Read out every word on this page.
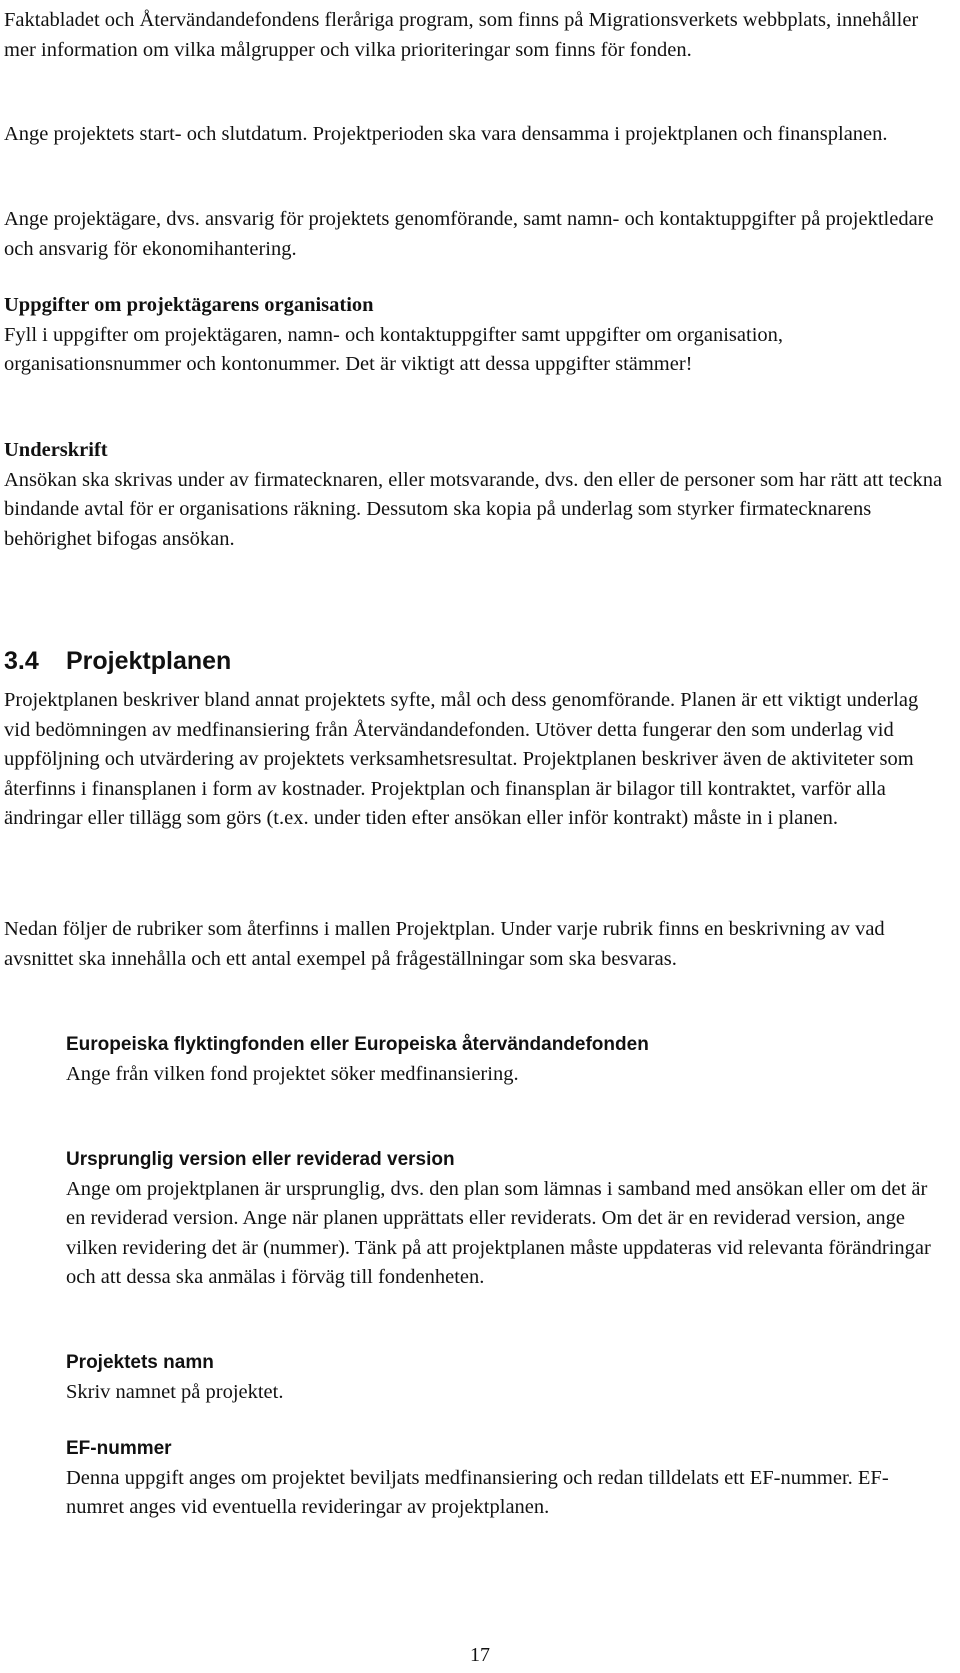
Faktabladet och Återvändandefondens fleråriga program, som finns på Migrationsverkets webbplats, innehåller mer information om vilka målgrupper och vilka prioriteringar som finns för fonden.

Ange projektets start- och slutdatum. Projektperioden ska vara densamma i projektplanen och finansplanen.

Ange projektägare, dvs. ansvarig för projektets genomförande, samt namn- och kontaktuppgifter på projektledare och ansvarig för ekonomihantering.

Uppgifter om projektägarens organisation

Fyll i uppgifter om projektägaren, namn- och kontaktuppgifter samt uppgifter om organisation, organisationsnummer och kontonummer. Det är viktigt att dessa uppgifter stämmer!

Underskrift

Ansökan ska skrivas under av firmatecknaren, eller motsvarande, dvs. den eller de personer som har rätt att teckna bindande avtal för er organisations räkning. Dessutom ska kopia på underlag som styrker firmatecknarens behörighet bifogas ansökan.

3.4 Projektplanen

Projektplanen beskriver bland annat projektets syfte, mål och dess genomförande. Planen är ett viktigt underlag vid bedömningen av medfinansiering från Återvändandefonden. Utöver detta fungerar den som underlag vid uppföljning och utvärdering av projektets verksamhetsresultat. Projektplanen beskriver även de aktiviteter som återfinns i finansplanen i form av kostnader. Projektplan och finansplan är bilagor till kontraktet, varför alla ändringar eller tillägg som görs (t.ex. under tiden efter ansökan eller inför kontrakt) måste in i planen.

Nedan följer de rubriker som återfinns i mallen Projektplan. Under varje rubrik finns en beskrivning av vad avsnittet ska innehålla och ett antal exempel på frågeställningar som ska besvaras.

Europeiska flyktingfonden eller Europeiska återvändandefonden

Ange från vilken fond projektet söker medfinansiering.

Ursprunglig version eller reviderad version

Ange om projektplanen är ursprunglig, dvs. den plan som lämnas i samband med ansökan eller om det är en reviderad version. Ange när planen upprättats eller reviderats. Om det är en reviderad version, ange vilken revidering det är (nummer). Tänk på att projektplanen måste uppdateras vid relevanta förändringar och att dessa ska anmälas i förväg till fondenheten.

Projektets namn

Skriv namnet på projektet.

EF-nummer

Denna uppgift anges om projektet beviljats medfinansiering och redan tilldelats ett EF-nummer. EF-numret anges vid eventuella revideringar av projektplanen.

17
